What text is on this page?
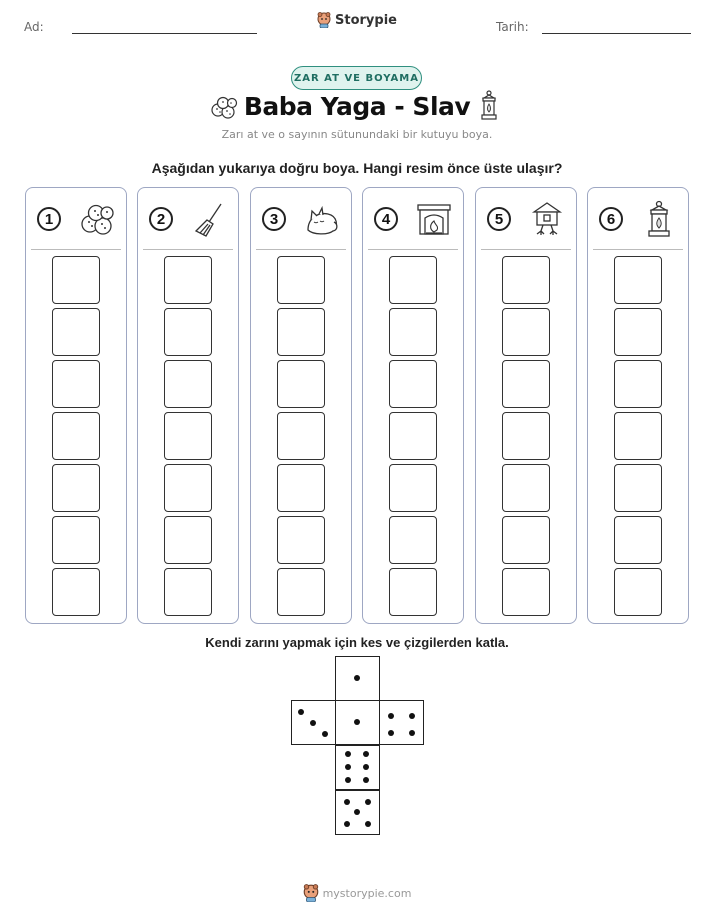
Ad:	Tarih:
Storypie
ZAR AT VE BOYAMA
Baba Yaga - Slav
Zarı at ve o sayının sütunundaki bir kutuyu boya.
Aşağıdan yukarıya doğru boya. Hangi resim önce üste ulaşır?
1	2	3	4	5	6
Kendi zarını yapmak için kes ve çizgilerden katla.
mystorypie.com
